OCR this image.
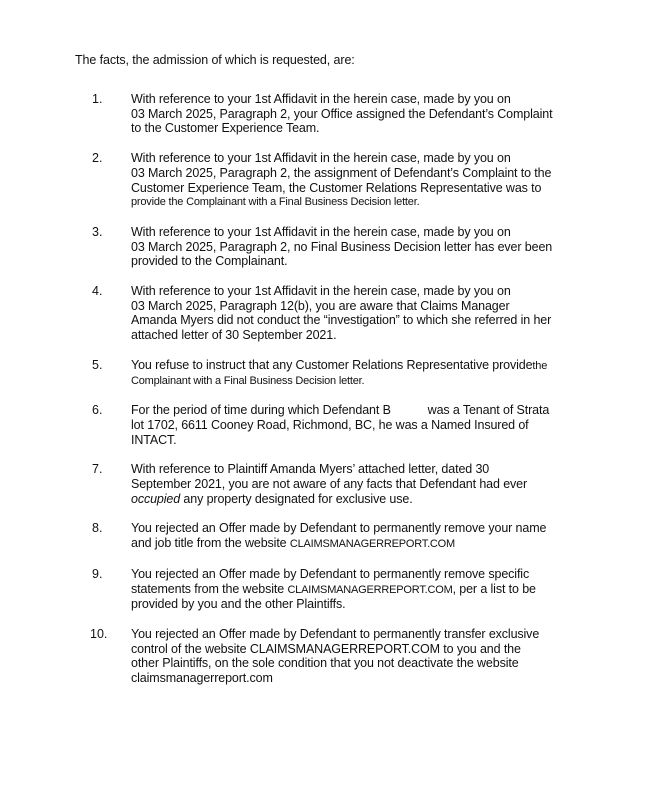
The facts, the admission of which is requested, are:
1. With reference to your 1st Affidavit in the herein case, made by you on
03 March 2025, Paragraph 2, your Office assigned the Defendant’s Complaint
to the Customer Experience Team.
2. With reference to your 1st Affidavit in the herein case, made by you on
03 March 2025, Paragraph 2, the assignment of Defendant’s Complaint to the
Customer Experience Team, the Customer Relations Representative was to
provide the Complainant with a Final Business Decision letter.
3. With reference to your 1st Affidavit in the herein case, made by you on
03 March 2025, Paragraph 2, no Final Business Decision letter has ever been
provided to the Complainant.
4. With reference to your 1st Affidavit in the herein case, made by you on
03 March 2025, Paragraph 12(b), you are aware that Claims Manager
Amanda Myers did not conduct the “investigation” to which she referred in her
attached letter of 30 September 2021.
5. You refuse to instruct that any Customer Relations Representative providethe
Complainant with a Final Business Decision letter.
6. For the period of time during which Defendant B           was a Tenant of Strata
lot 1702, 6611 Cooney Road, Richmond, BC, he was a Named Insured of
INTACT.
7. With reference to Plaintiff Amanda Myers’ attached letter, dated 30
September 2021, you are not aware of any facts that Defendant had ever
occupied any property designated for exclusive use.
8. You rejected an Offer made by Defendant to permanently remove your name
and job title from the website CLAIMSMANAGERREPORT.COM
9. You rejected an Offer made by Defendant to permanently remove specific
statements from the website CLAIMSMANAGERREPORT.COM, per a list to be
provided by you and the other Plaintiffs.
10. You rejected an Offer made by Defendant to permanently transfer exclusive
control of the website CLAIMSMANAGERREPORT.COM to you and the
other Plaintiffs, on the sole condition that you not deactivate the website
claimsmanagerreport.com
